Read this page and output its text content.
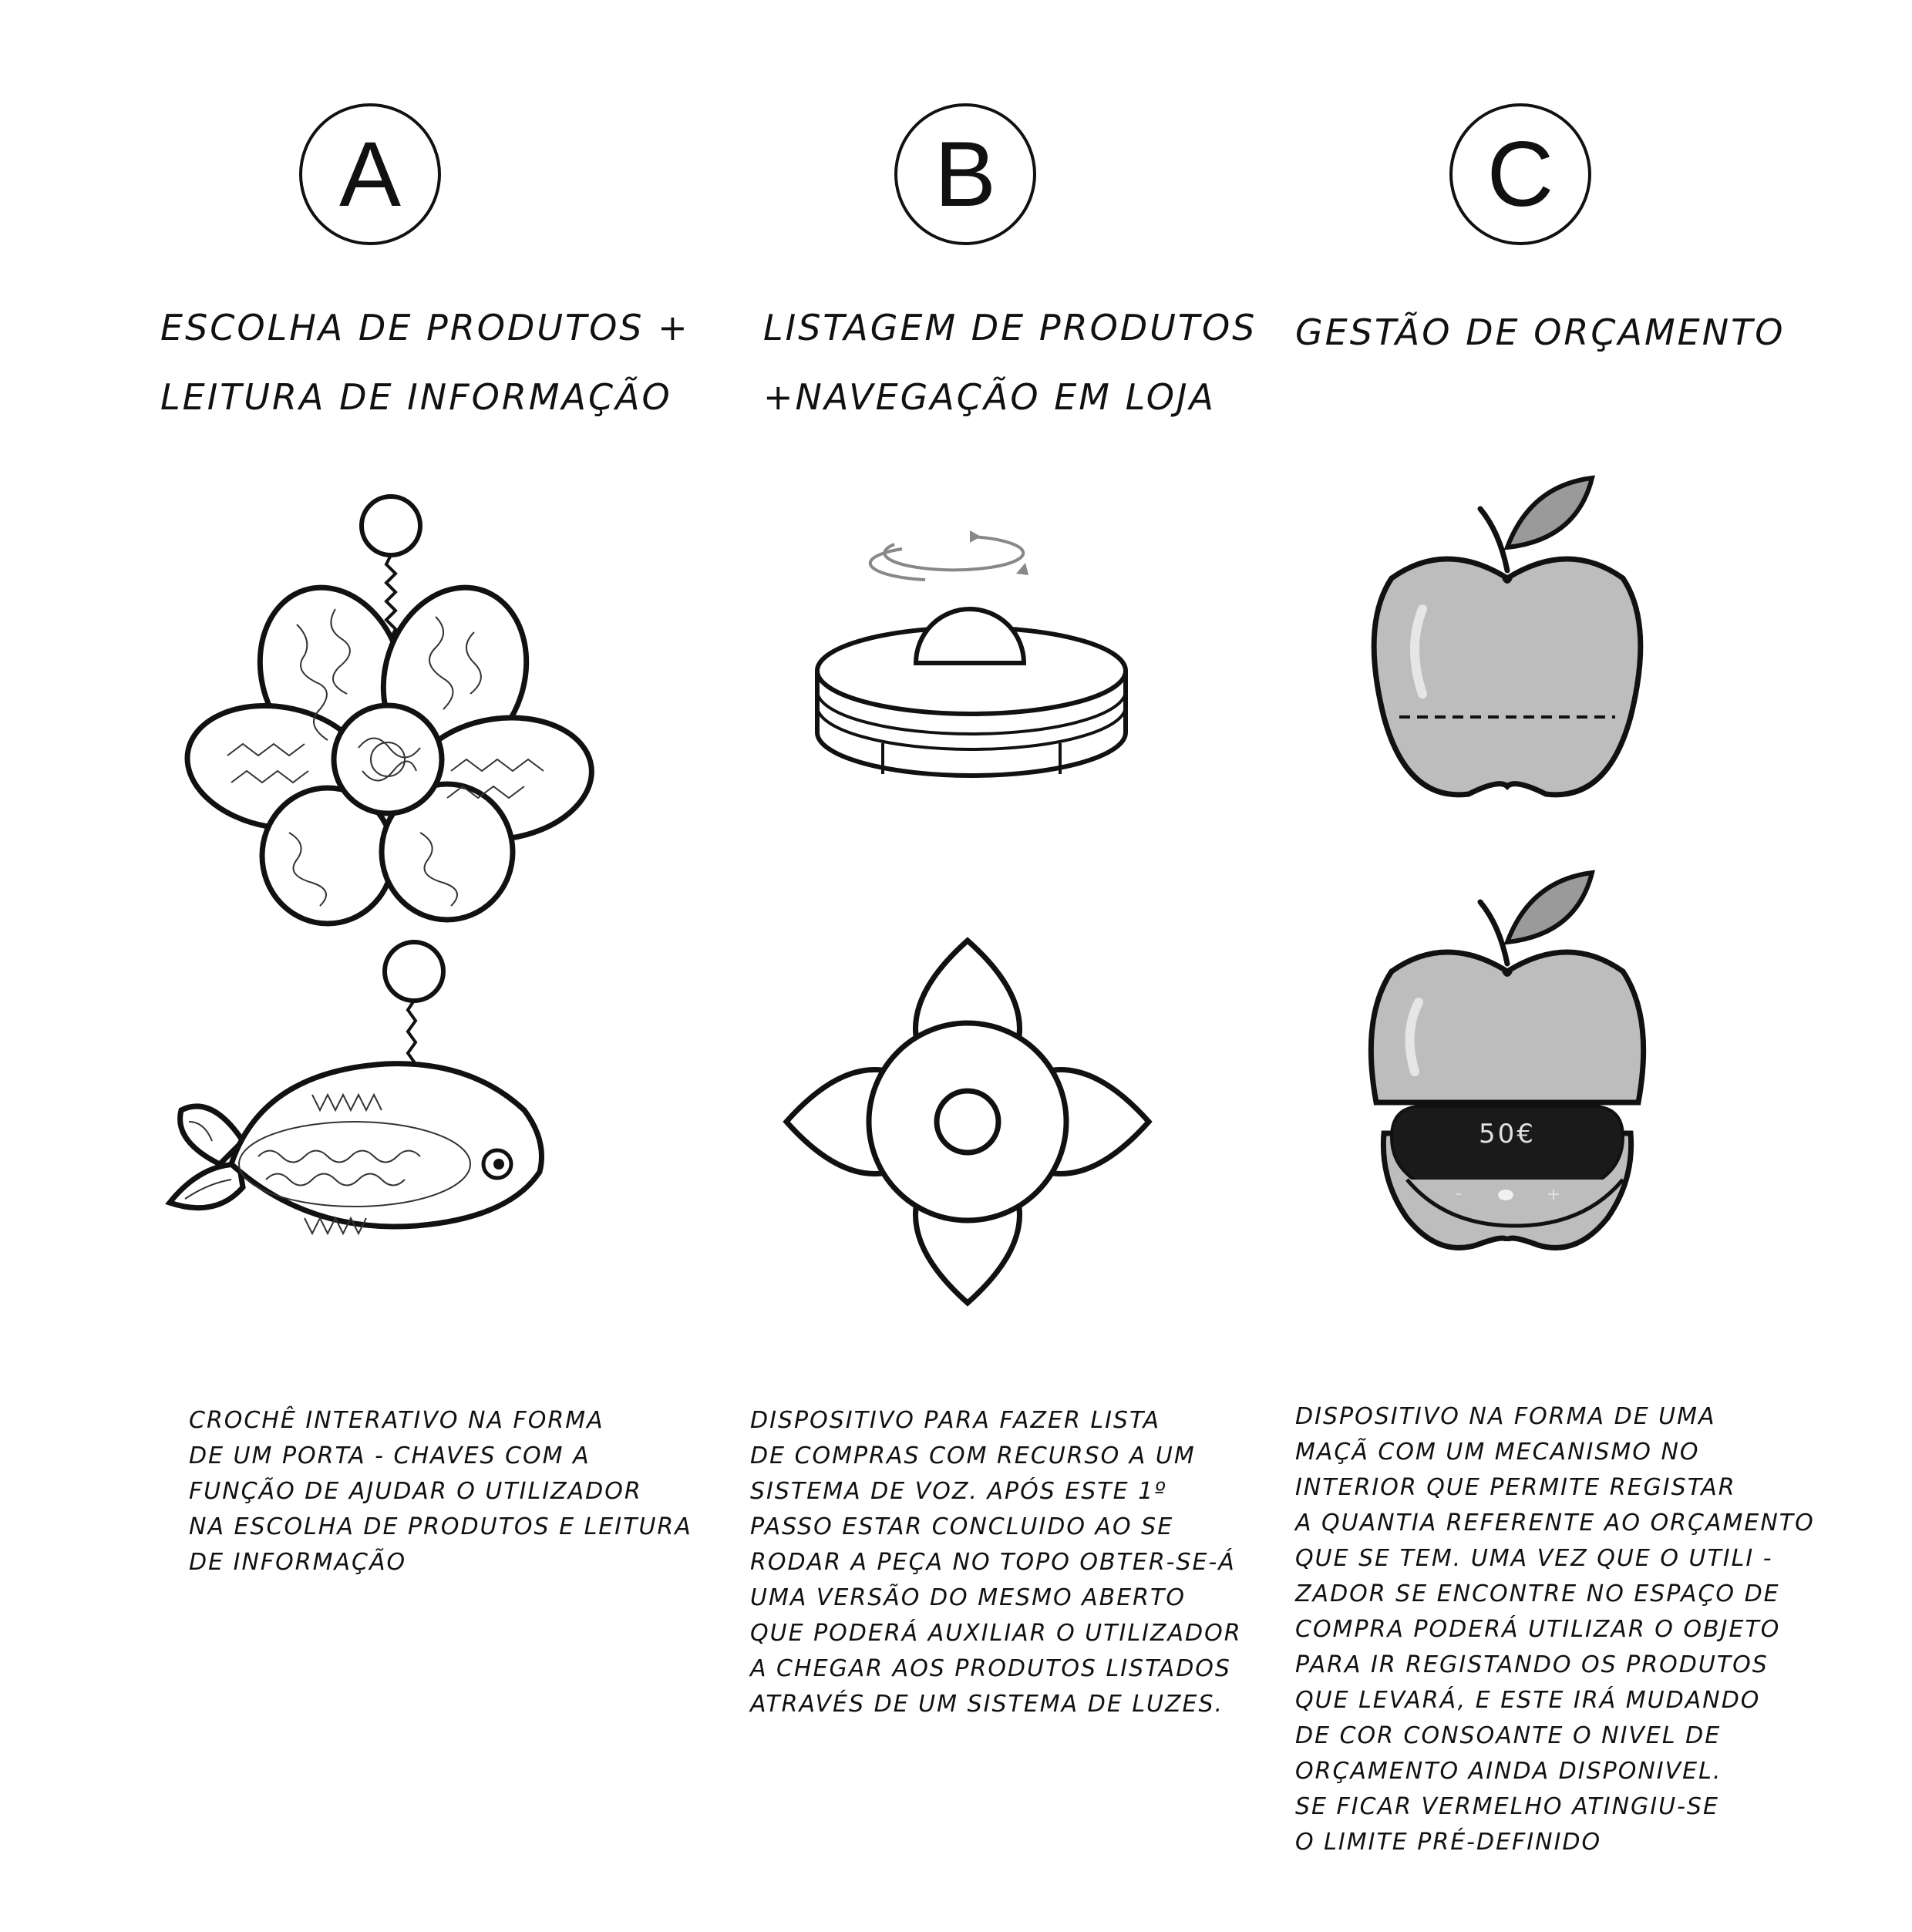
A	B	C
ESCOLHA DE PRODUTOS +
LEITURA DE INFORMAÇÃO
LISTAGEM DE PRODUTOS
+NAVEGAÇÃO EM LOJA
GESTÃO DE ORÇAMENTO
50€
-	+
CROCHÊ INTERATIVO NA FORMA
DE UM PORTA - CHAVES COM A
FUNÇÃO DE AJUDAR O UTILIZADOR
NA ESCOLHA DE PRODUTOS E LEITURA
DE INFORMAÇÃO
DISPOSITIVO PARA FAZER LISTA
DE COMPRAS COM RECURSO A UM
SISTEMA DE VOZ. APÓS ESTE 1º
PASSO ESTAR CONCLUIDO AO SE
RODAR A PEÇA NO TOPO OBTER-SE-Á
UMA VERSÃO DO MESMO ABERTO
QUE PODERÁ AUXILIAR O UTILIZADOR
A CHEGAR AOS PRODUTOS LISTADOS
ATRAVÉS DE UM SISTEMA DE LUZES.
DISPOSITIVO NA FORMA DE UMA
MAÇÃ COM UM MECANISMO NO
INTERIOR QUE PERMITE REGISTAR
A QUANTIA REFERENTE AO ORÇAMENTO
QUE SE TEM. UMA VEZ QUE O UTILI -
ZADOR SE ENCONTRE NO ESPAÇO DE
COMPRA PODERÁ UTILIZAR O OBJETO
PARA IR REGISTANDO OS PRODUTOS
QUE LEVARÁ, E ESTE IRÁ MUDANDO
DE COR CONSOANTE O NIVEL DE
ORÇAMENTO AINDA DISPONIVEL.
SE FICAR VERMELHO ATINGIU-SE
O LIMITE PRÉ-DEFINIDO
